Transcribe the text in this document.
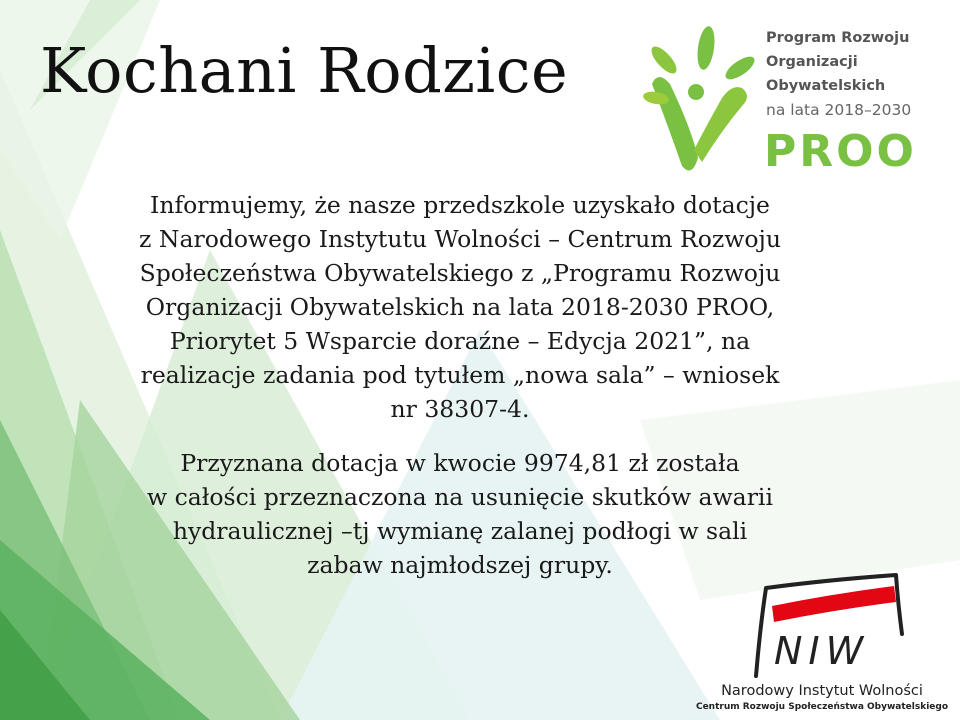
Kochani Rodzice	Program Rozwoju
Organizacji
Obywatelskich
na lata 2018–2030
PROO
Informujemy, że nasze przedszkole uzyskało dotacje
z Narodowego Instytutu Wolności – Centrum Rozwoju
Społeczeństwa Obywatelskiego z „Programu Rozwoju
Organizacji Obywatelskich na lata 2018-2030 PROO,
Priorytet 5 Wsparcie doraźne – Edycja 2021”, na
realizacje zadania pod tytułem „nowa sala” – wniosek
nr 38307-4.
Przyznana dotacja w kwocie 9974,81 zł została
w całości przeznaczona na usunięcie skutków awarii
hydraulicznej –tj wymianę zalanej podłogi w sali
zabaw najmłodszej grupy.
NIW
Narodowy Instytut Wolności
Centrum Rozwoju Społeczeństwa Obywatelskiego
